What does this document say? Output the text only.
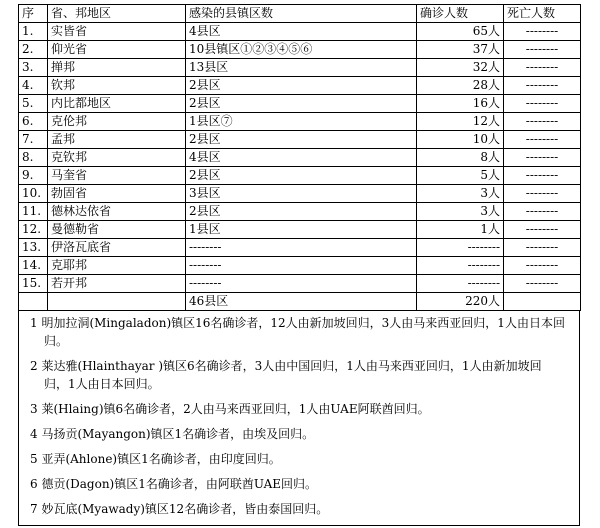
序	省、邦地区	感染的县镇区数	确诊人数	死亡人数
1.	实皆省	4县区	65人	--------
2.	仰光省	10县镇区①②③④⑤⑥	37人	--------
3.	掸邦	13县区	32人	--------
4.	钦邦	2县区	28人	--------
5.	内比都地区	2县区	16人	--------
6.	克伦邦	1县区⑦	12人	--------
7.	孟邦	2县区	10人	--------
8.	克钦邦	4县区	8人	--------
9.	马奎省	2县区	5人	--------
10.	勃固省	3县区	3人	--------
11.	德林达依省	2县区	3人	--------
12.	曼德勒省	1县区	1人	--------
13.	伊洛瓦底省	--------	--------	--------
14.	克耶邦	--------	--------	--------
15.	若开邦	--------	--------	--------
		46县区	220人	

1 明加拉洞(Mingaladon)镇区16名确诊者，12人由新加坡回归，3人由马来西亚回归，1人由日本回归。

2 莱达雅(Hlainthayar )镇区6名确诊者，3人由中国回归，1人由马来西亚回归，1人由新加坡回归，1人由日本回归。

3 莱(Hlaing)镇6名确诊者，2人由马来西亚回归，1人由UAE阿联酋回归。

4 马扬贡(Mayangon)镇区1名确诊者，由埃及回归。

5 亚弄(Ahlone)镇区1名确诊者，由印度回归。

6 德贡(Dagon)镇区1名确诊者，由阿联酋UAE回归。

7 妙瓦底(Myawady)镇区12名确诊者，皆由泰国回归。
